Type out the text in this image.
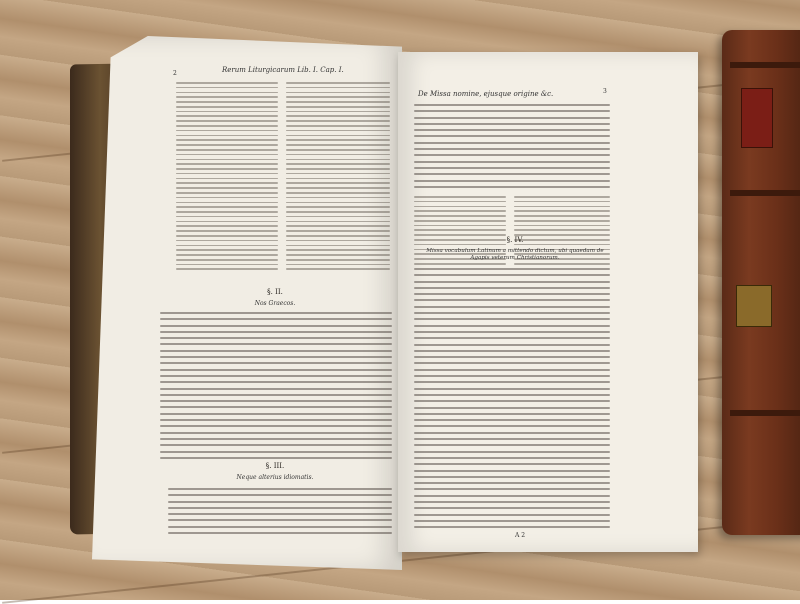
2	Rerum Liturgicarum Lib. I. Cap. I.
§. II.
Nos Graecos.
§. III.
Neque alterius idiomatis.
De Missa nomine, ejusque origine &c.	3
§. IV.
Missa vocabulum Latinum a mittendo dictum, ubi quaedam de Agapis veterum Christianorum.
A 2
